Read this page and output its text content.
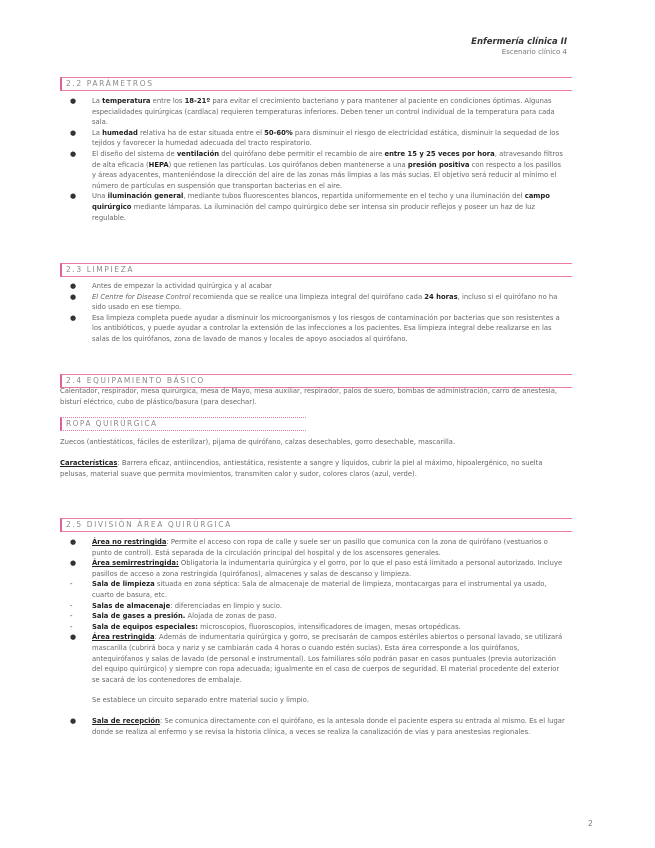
Enfermería clínica II
Escenario clínico 4
2.2 PARÁMETROS
● La temperatura entre los 18-21º para evitar el crecimiento bacteriano y para mantener al paciente en condiciones óptimas. Algunas especialidades quirúrgicas (cardíaca) requieren temperaturas inferiores. Deben tener un control individual de la temperatura para cada sala.
● La humedad relativa ha de estar situada entre el 50-60% para disminuir el riesgo de electricidad estática, disminuir la sequedad de los tejidos y favorecer la humedad adecuada del tracto respiratorio.
● El diseño del sistema de ventilación del quirófano debe permitir el recambio de aire entre 15 y 25 veces por hora, atravesando filtros de alta eficacia (HEPA) que retienen las partículas. Los quirófanos deben mantenerse a una presión positiva con respecto a los pasillos y áreas adyacentes, manteniéndose la dirección del aire de las zonas más limpias a las más sucias. El objetivo será reducir al mínimo el número de partículas en suspensión que transportan bacterias en el aire.
● Una iluminación general, mediante tubos fluorescentes blancos, repartida uniformemente en el techo y una iluminación del campo quirúrgico mediante lámparas. La iluminación del campo quirúrgico debe ser intensa sin producir reflejos y poseer un haz de luz regulable.
2.3 LIMPIEZA
● Antes de empezar la actividad quirúrgica y al acabar
● El Centre for Disease Control recomienda que se realice una limpieza integral del quirófano cada 24 horas, incluso si el quirófano no ha sido usado en ese tiempo.
● Esa limpieza completa puede ayudar a disminuir los microorganismos y los riesgos de contaminación por bacterias que son resistentes a los antibióticos, y puede ayudar a controlar la extensión de las infecciones a los pacientes. Esa limpieza integral debe realizarse en las salas de los quirófanos, zona de lavado de manos y locales de apoyo asociados al quirófano.
2.4 EQUIPAMIENTO BÁSICO
Calentador, respirador, mesa quirúrgica, mesa de Mayo, mesa auxiliar, respirador, palos de suero, bombas de administración, carro de anestesia, bisturí eléctrico, cubo de plástico/basura (para desechar).
ROPA QUIRÚRGICA
Zuecos (antiestáticos, fáciles de esterilizar), pijama de quirófano, calzas desechables, gorro desechable, mascarilla.

Características: Barrera eficaz, antiincendios, antiestática, resistente a sangre y líquidos, cubrir la piel al máximo, hipoalergénico, no suelta pelusas, material suave que permita movimientos, transmiten calor y sudor, colores claros (azul, verde).

2.5 DIVISIÓN ÁREA QUIRÚRGICA
● Área no restringida: Permite el acceso con ropa de calle y suele ser un pasillo que comunica con la zona de quirófano (vestuarios o punto de control). Está separada de la circulación principal del hospital y de los ascensores generales.
● Área semirrestringida: Obligatoria la indumentaria quirúrgica y el gorro, por lo que el paso está limitado a personal autorizado. Incluye pasillos de acceso a zona restringida (quirófanos), almacenes y salas de descanso y limpieza.
-	Sala de limpieza situada en zona séptica: Sala de almacenaje de material de limpieza, montacargas para el instrumental ya usado, cuarto de basura, etc.
-	Salas de almacenaje: diferenciadas en limpio y sucio.
-	Sala de gases a presión. Alojada de zonas de paso.
-	Sala de equipos especiales: microscopios, fluoroscopios, intensificadores de imagen, mesas ortopédicas.
● Área restringida: Además de indumentaria quirúrgica y gorro, se precisarán de campos estériles abiertos o personal lavado, se utilizará mascarilla (cubrirá boca y nariz y se cambiarán cada 4 horas o cuando estén sucias). Esta área corresponde a los quirófanos, antequirófanos y salas de lavado (de personal e instrumental). Los familiares sólo podrán pasar en casos puntuales (previa autorización del equipo quirúrgico) y siempre con ropa adecuada; igualmente en el caso de cuerpos de seguridad. El material procedente del exterior se sacará de los contenedores de embalaje.

Se establece un circuito separado entre material sucio y limpio.

● Sala de recepción: Se comunica directamente con el quirófano, es la antesala donde el paciente espera su entrada al mismo. Es el lugar donde se realiza al enfermo y se revisa la historia clínica, a veces se realiza la canalización de vías y para anestesias regionales.
2
